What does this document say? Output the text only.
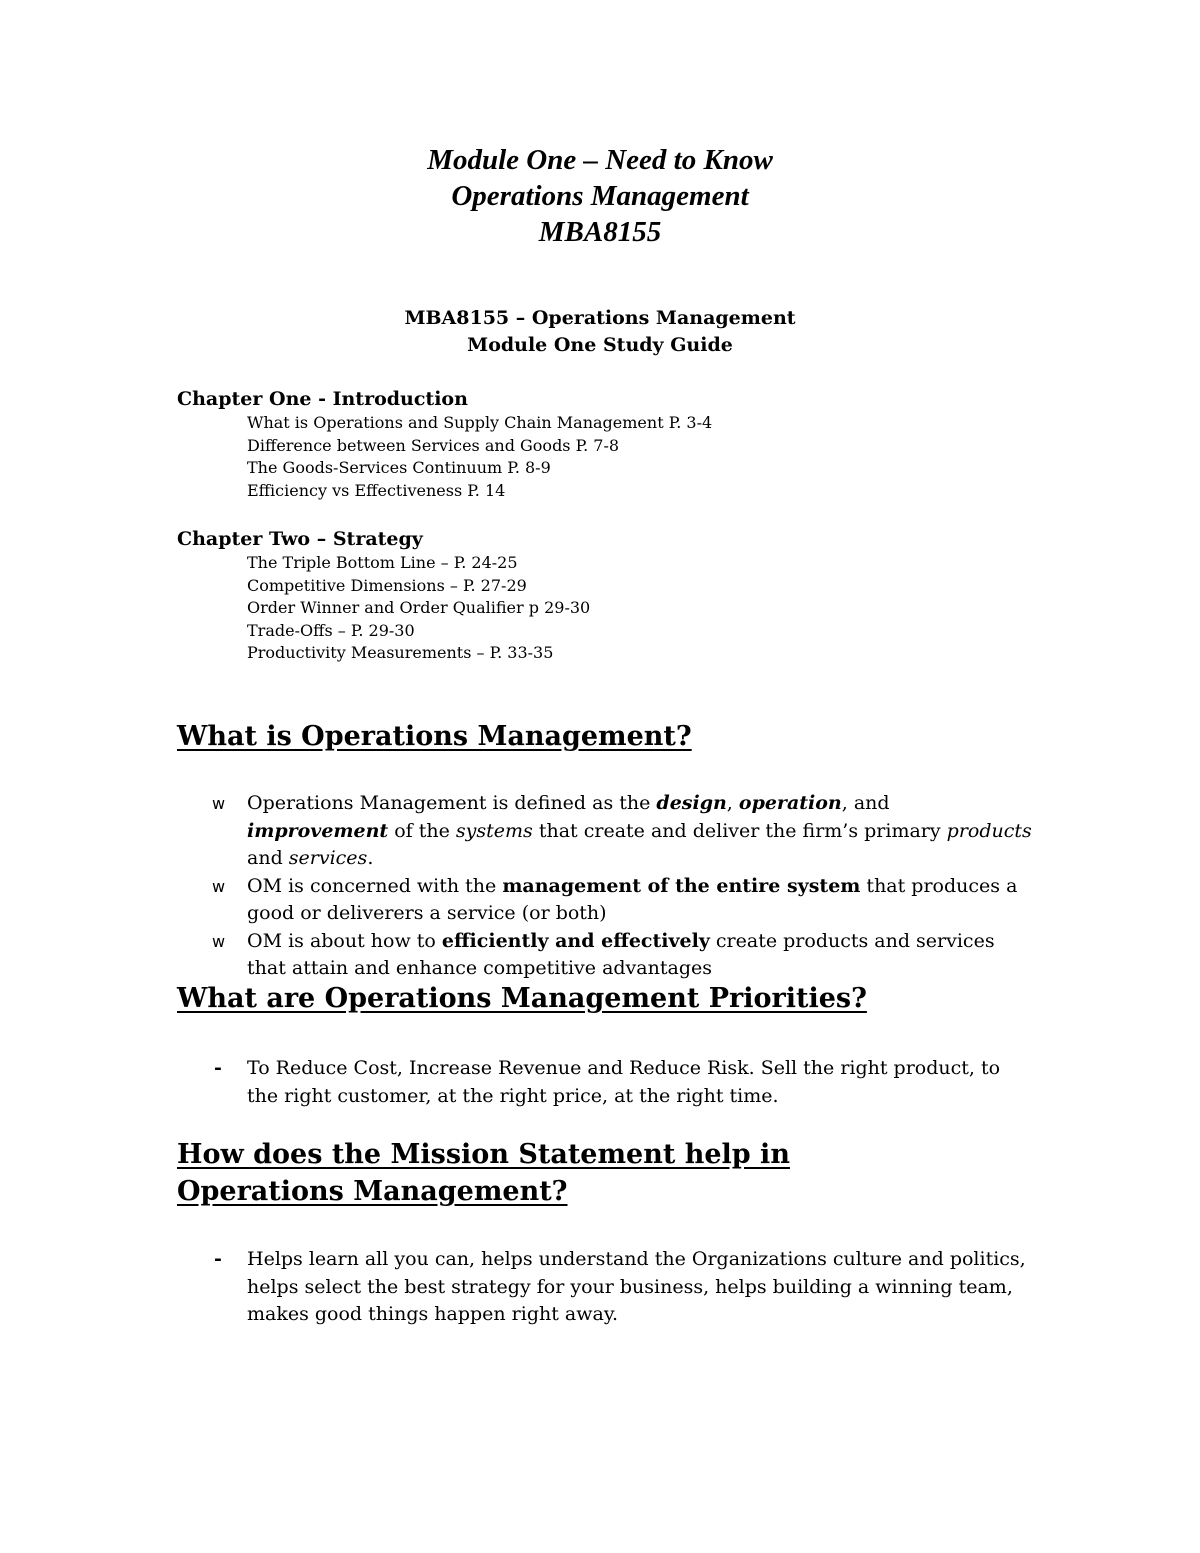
Module One – Need to Know
Operations Management
MBA8155
MBA8155 – Operations Management
Module One Study Guide
Chapter One - Introduction
What is Operations and Supply Chain Management P. 3-4
Difference between Services and Goods P. 7-8
The Goods-Services Continuum P. 8-9
Efficiency vs Effectiveness P. 14
Chapter Two – Strategy
The Triple Bottom Line – P. 24-25
Competitive Dimensions – P. 27-29
Order Winner and Order Qualifier p 29-30
Trade-Offs – P. 29-30
Productivity Measurements – P. 33-35
What is Operations Management?
w	Operations Management is defined as the design, operation, and improvement of the systems that create and deliver the firm’s primary products and services.
w	OM is concerned with the management of the entire system that produces a good or deliverers a service (or both)
w	OM is about how to efficiently and effectively create products and services that attain and enhance competitive advantages
What are Operations Management Priorities?
-	To Reduce Cost, Increase Revenue and Reduce Risk. Sell the right product, to the right customer, at the right price, at the right time.
How does the Mission Statement help in Operations Management?
-	Helps learn all you can, helps understand the Organizations culture and politics, helps select the best strategy for your business, helps building a winning team, makes good things happen right away.
